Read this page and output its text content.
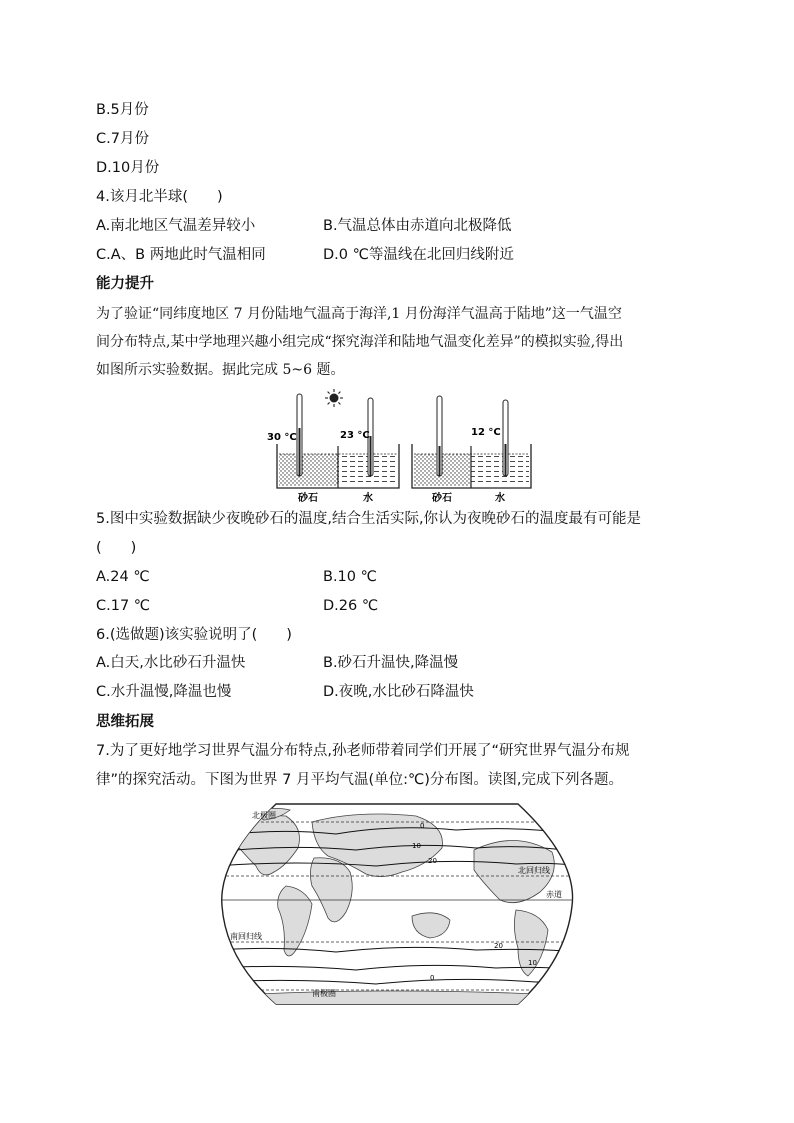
B.5月份
C.7月份
D.10月份
4.该月北半球(　　)
A.南北地区气温差异较小	B.气温总体由赤道向北极降低
C.A、B 两地此时气温相同	D.0 ℃等温线在北回归线附近
能力提升
为了验证“同纬度地区 7 月份陆地气温高于海洋,1 月份海洋气温高于陆地”这一气温空
间分布特点,某中学地理兴趣小组完成“探究海洋和陆地气温变化差异”的模拟实验,得出
如图所示实验数据。据此完成 5~6 题。
30 °C	23 °C
砂石	水
12 °C
砂石	水
5.图中实验数据缺少夜晚砂石的温度,结合生活实际,你认为夜晚砂石的温度最有可能是
(　　)
A.24 ℃	B.10 ℃
C.17 ℃	D.26 ℃
6.(选做题)该实验说明了(　　)
A.白天,水比砂石升温快	B.砂石升温快,降温慢
C.水升温慢,降温也慢	D.夜晚,水比砂石降温快
思维拓展
7.为了更好地学习世界气温分布特点,孙老师带着同学们开展了“研究世界气温分布规
律”的探究活动。下图为世界 7 月平均气温(单位:℃)分布图。读图,完成下列各题。
0
10
20
20
10
0
北极圈
北回归线
赤道
南回归线
南极圈
